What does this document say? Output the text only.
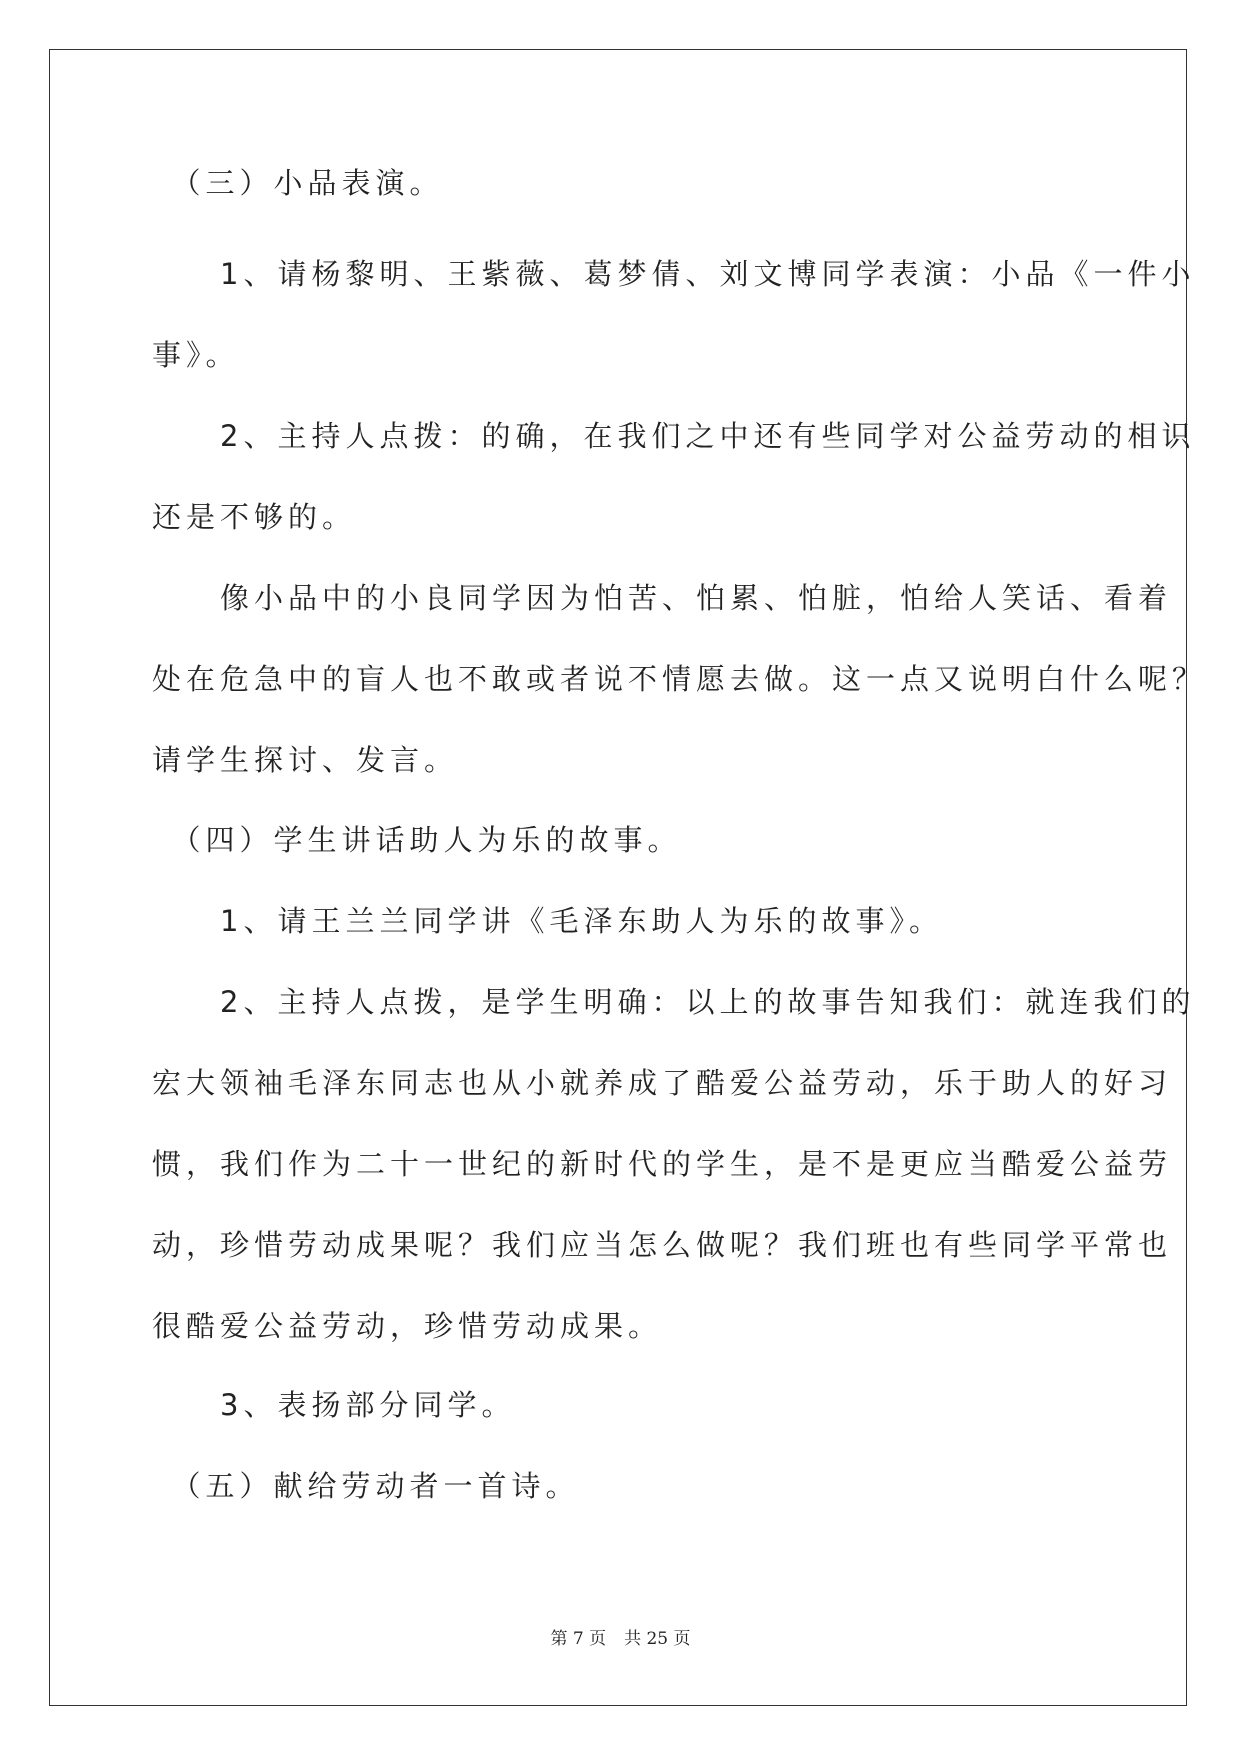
　（三）小品表演。

　　1、请杨黎明、王紫薇、葛梦倩、刘文博同学表演：小品《一件小
事》。

　　2、主持人点拨：的确，在我们之中还有些同学对公益劳动的相识
还是不够的。

　　像小品中的小良同学因为怕苦、怕累、怕脏，怕给人笑话、看着
处在危急中的盲人也不敢或者说不情愿去做。这一点又说明白什么呢？
请学生探讨、发言。

　（四）学生讲话助人为乐的故事。

　　1、请王兰兰同学讲《毛泽东助人为乐的故事》。

　　2、主持人点拨，是学生明确：以上的故事告知我们：就连我们的
宏大领袖毛泽东同志也从小就养成了酷爱公益劳动，乐于助人的好习
惯，我们作为二十一世纪的新时代的学生，是不是更应当酷爱公益劳
动，珍惜劳动成果呢？我们应当怎么做呢？我们班也有些同学平常也
很酷爱公益劳动，珍惜劳动成果。

　　3、表扬部分同学。

　（五）献给劳动者一首诗。

第 7 页 共 25 页
